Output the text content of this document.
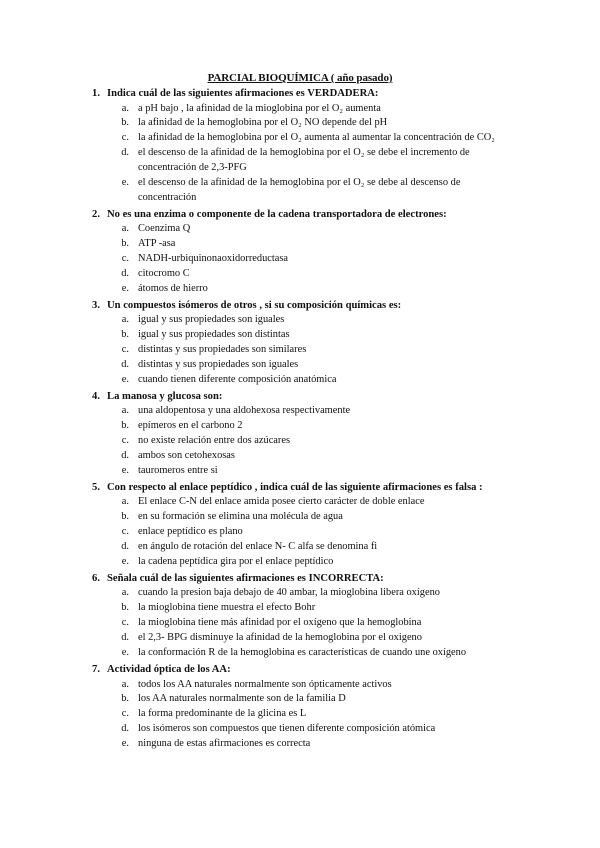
PARCIAL BIOQUÍMICA ( año pasado)
1. Indica cuál de las siguientes afirmaciones es VERDADERA:
a. a pH bajo , la afinidad de la mioglobina por el O₂ aumenta
b. la afinidad de la hemoglobina por el O₂ NO depende del pH
c. la afinidad de la hemoglobina por el O₂ aumenta al aumentar la concentración de CO₂
d. el descenso de la afinidad de la hemoglobina por el O₂ se debe el incremento de concentración de 2,3-PFG
e. el descenso de la afinidad de la hemoglobina por el O₂ se debe al descenso de concentración
2. No es una enzima o componente de la cadena transportadora de electrones:
a. Coenzima Q
b. ATP -asa
c. NADH-urbiquinonaoxidorreductasa
d. citocromo C
e. átomos de hierro
3. Un compuestos isómeros de otros , si su composición químicas es:
a. igual y sus propiedades son iguales
b. igual y sus propiedades son distintas
c. distintas y sus propiedades son similares
d. distintas y sus propiedades son iguales
e. cuando tienen diferente composición anatómica
4. La manosa y glucosa son:
a. una aldopentosa y una aldohexosa respectivamente
b. epímeros en el carbono 2
c. no existe relación entre dos azúcares
d. ambos son cetohexosas
e. tauromeros entre si
5. Con respecto al enlace peptídico , indica cuál de las siguiente afirmaciones es falsa :
a. El enlace C-N del enlace amida posee cierto carácter de doble enlace
b. en su formación se elimina una molécula de agua
c. enlace peptídico es plano
d. en ángulo de rotación del enlace N- C alfa se denomina fi
e. la cadena peptídica gira por el enlace peptídico
6. Señala cuál de las siguientes afirmaciones es INCORRECTA:
a. cuando la presion baja debajo de 40 ambar, la mioglobina libera oxígeno
b. la mioglobina tiene muestra el efecto Bohr
c. la mioglobina tiene más afinidad por el oxígeno que la hemoglobina
d. el 2,3- BPG disminuye la afinidad de la hemoglobina por el oxigeno
e. la conformación R de la hemoglobina es características de cuando une oxígeno
7. Actividad óptica de los AA:
a. todos los AA naturales normalmente son ópticamente activos
b. los AA naturales normalmente son de la familia D
c. la forma predominante de la glicina es L
d. los isómeros son compuestos que tienen diferente composición atómica
e. ninguna de estas afirmaciones es correcta
